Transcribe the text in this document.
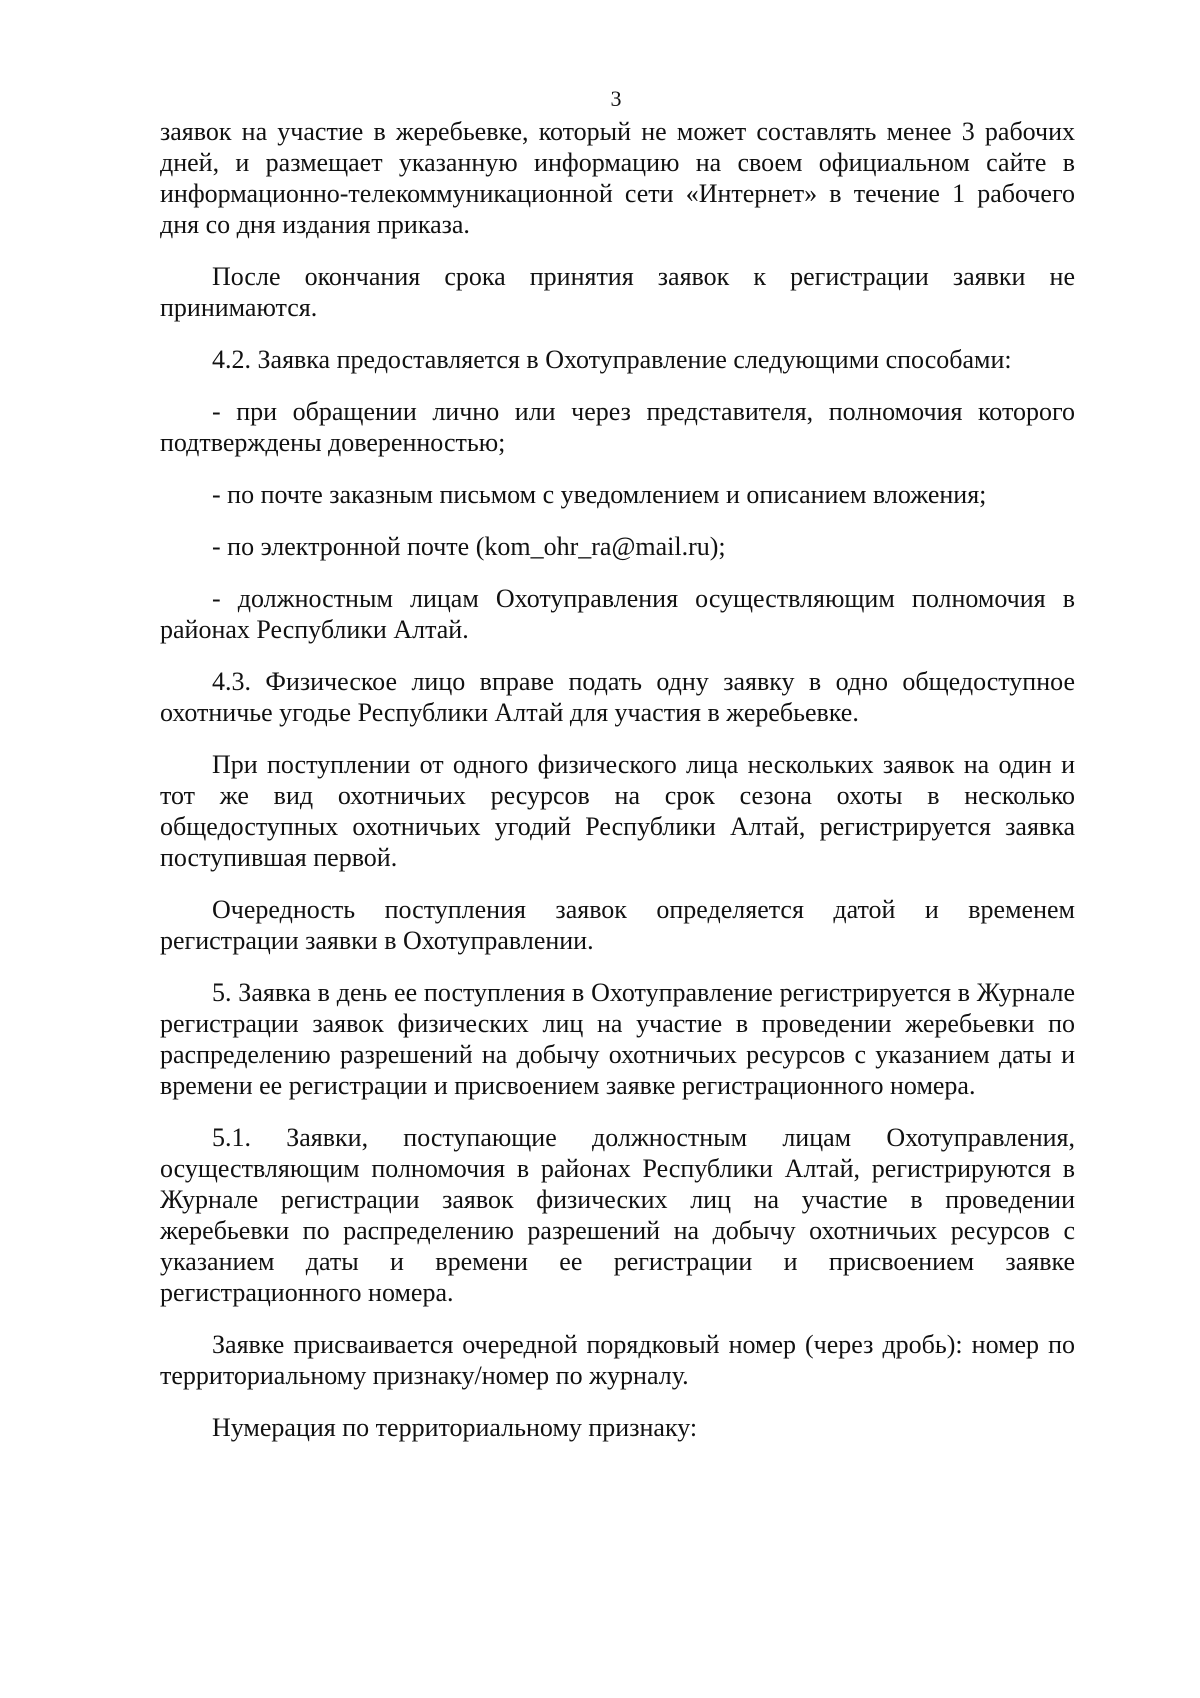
3

заявок на участие в жеребьевке, который не может составлять менее 3 рабочих дней, и размещает указанную информацию на своем официальном сайте в информационно-телекоммуникационной сети «Интернет» в течение 1 рабочего дня со дня издания приказа.

После окончания срока принятия заявок к регистрации заявки не принимаются.

4.2. Заявка предоставляется в Охотуправление следующими способами:

- при обращении лично или через представителя, полномочия которого подтверждены доверенностью;

- по почте заказным письмом с уведомлением и описанием вложения;

- по электронной почте (kom_ohr_ra@mail.ru);

- должностным лицам Охотуправления осуществляющим полномочия в районах Республики Алтай.

4.3. Физическое лицо вправе подать одну заявку в одно общедоступное охотничье угодье Республики Алтай для участия в жеребьевке.

При поступлении от одного физического лица нескольких заявок на один и тот же вид охотничьих ресурсов на срок сезона охоты в несколько общедоступных охотничьих угодий Республики Алтай, регистрируется заявка поступившая первой.

Очередность поступления заявок определяется датой и временем регистрации заявки в Охотуправлении.

5. Заявка в день ее поступления в Охотуправление регистрируется в Журнале регистрации заявок физических лиц на участие в проведении жеребьевки по распределению разрешений на добычу охотничьих ресурсов с указанием даты и времени ее регистрации и присвоением заявке регистрационного номера.

5.1. Заявки, поступающие должностным лицам Охотуправления, осуществляющим полномочия в районах Республики Алтай, регистрируются в Журнале регистрации заявок физических лиц на участие в проведении жеребьевки по распределению разрешений на добычу охотничьих ресурсов с указанием даты и времени ее регистрации и присвоением заявке регистрационного номера.

Заявке присваивается очередной порядковый номер (через дробь): номер по территориальному признаку/номер по журналу.

Нумерация по территориальному признаку:
